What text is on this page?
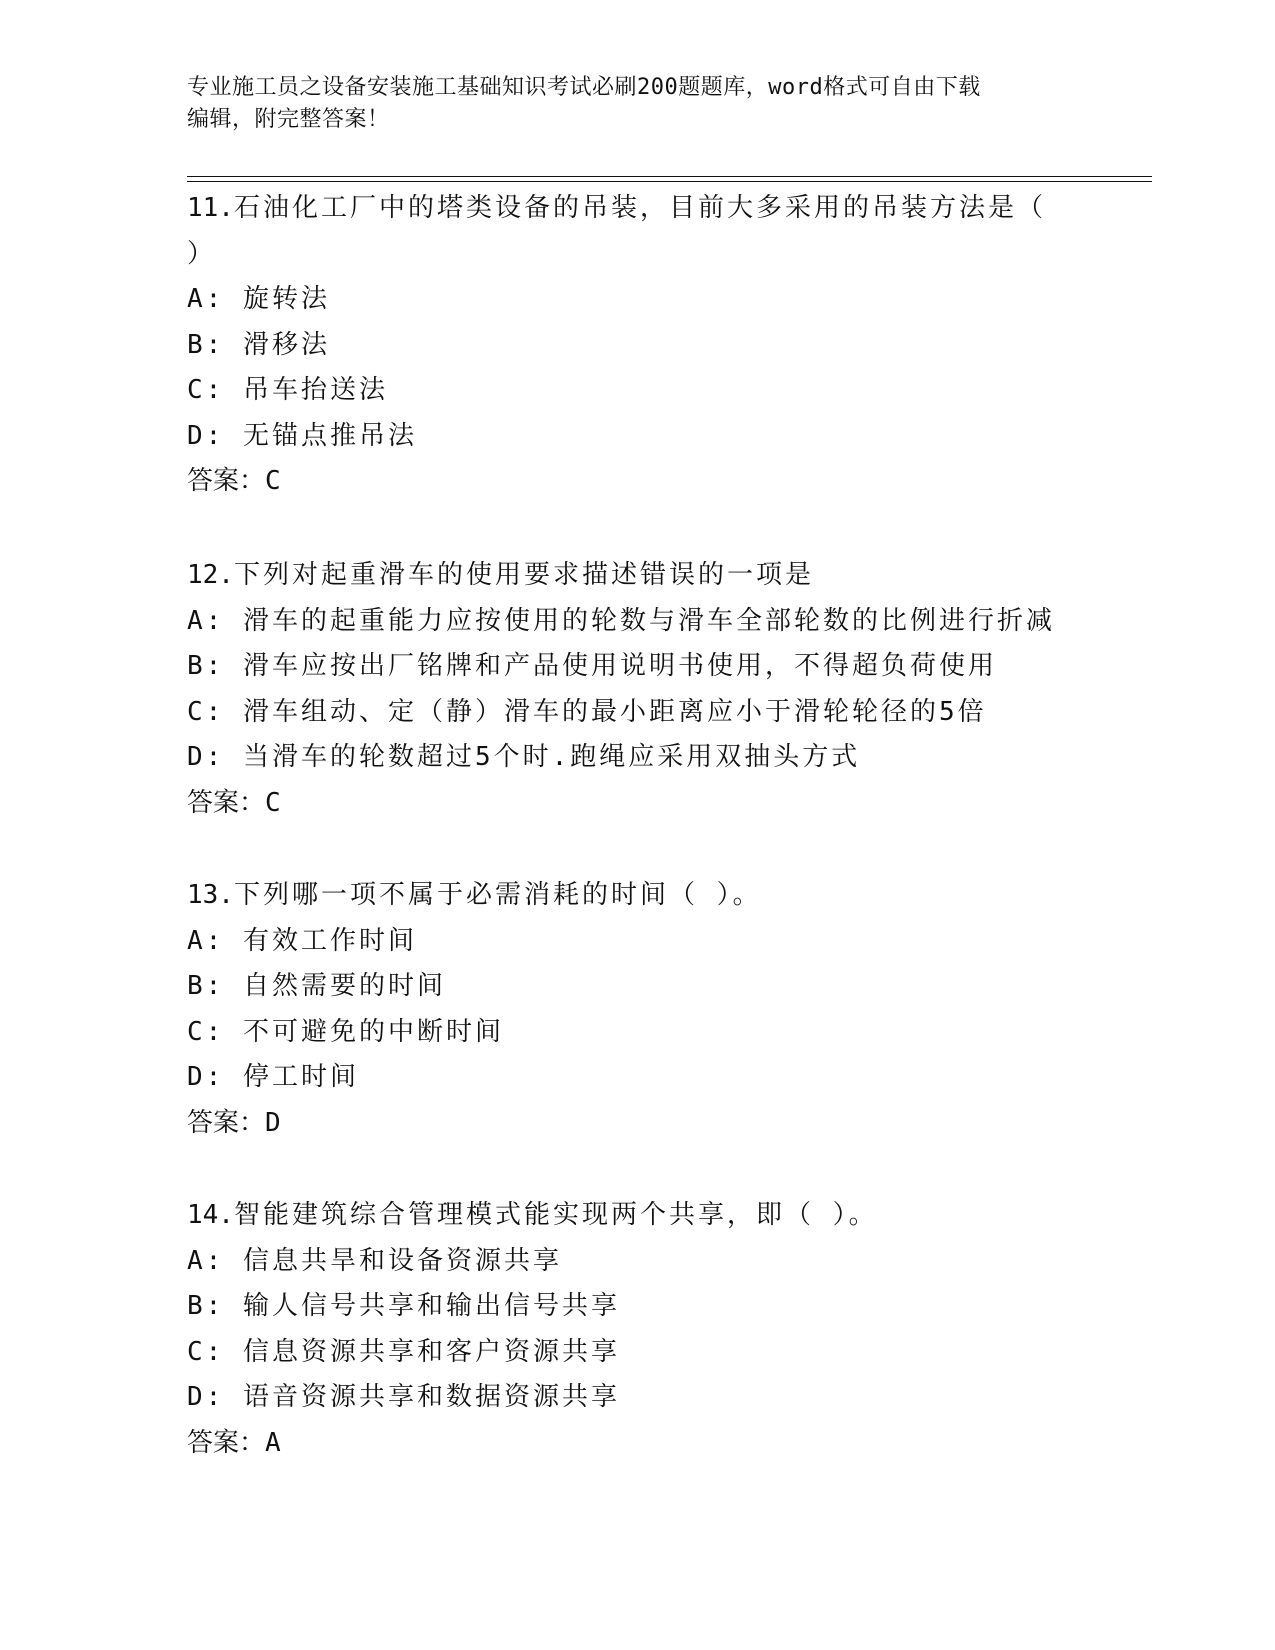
专业施工员之设备安装施工基础知识考试必刷200题题库，word格式可自由下载
编辑，附完整答案！
11.石油化工厂中的塔类设备的吊装，目前大多采用的吊装方法是（
）
A: 旋转法
B: 滑移法
C: 吊车抬送法
D: 无锚点推吊法
答案：C
12.下列对起重滑车的使用要求描述错误的一项是
A: 滑车的起重能力应按使用的轮数与滑车全部轮数的比例进行折减
B: 滑车应按出厂铭牌和产品使用说明书使用，不得超负荷使用
C: 滑车组动、定（静）滑车的最小距离应小于滑轮轮径的5倍
D: 当滑车的轮数超过5个时.跑绳应采用双抽头方式
答案：C
13.下列哪一项不属于必需消耗的时间（ ）。
A: 有效工作时间
B: 自然需要的时间
C: 不可避免的中断时间
D: 停工时间
答案：D
14.智能建筑综合管理模式能实现两个共享，即（ ）。
A: 信息共旱和设备资源共享
B: 输人信号共享和输出信号共享
C: 信息资源共享和客户资源共享
D: 语音资源共享和数据资源共享
答案：A
